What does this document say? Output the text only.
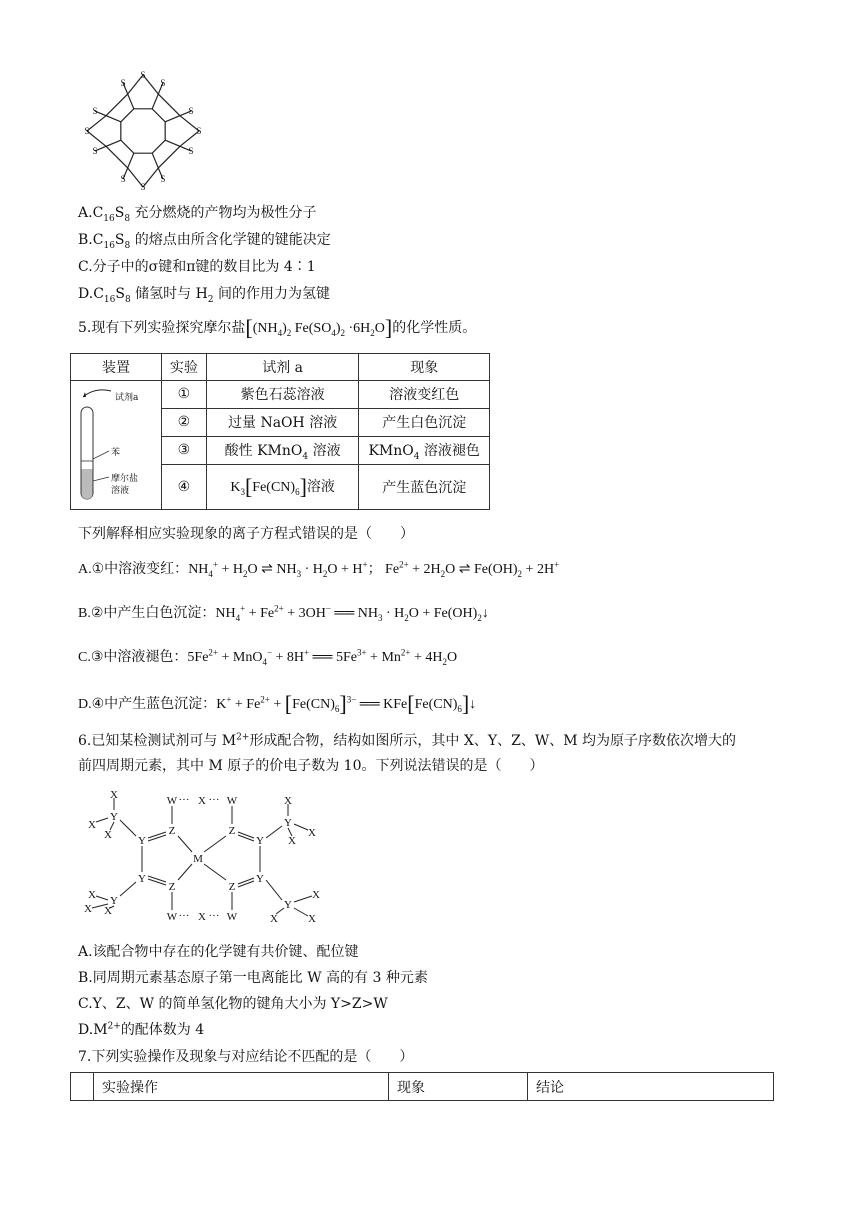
S
S
S
S
S
S
S
S
S	S
S
S
$A.C_{16}S_8$ 充分燃烧的产物均为极性分子
$B.C_{16}S_8$ 的熔点由所含化学键的键能决定
C.分子中的σ键和π键的数目比为 4∶1
$D.C_{16}S_8$ 储氢时与 $H_2$ 间的作用力为氢键
5.现有下列实验探究摩尔盐[$(NH_4)_2$ $Fe(SO_4)_2 \cdot 6H_2O$]的化学性质。
装置	实验	试剂 a	现象

试剂a
苯
摩尔盐
溶液	①	紫色石蕊溶液	溶液变红色
	②	过量 NaOH 溶液	产生白色沉淀
	③	酸性 KMnO$_4$ 溶液	KMnO$_4$ 溶液褪色
	④	$K_3[Fe(CN)_6]$溶液	产生蓝色沉淀
下列解释相应实验现象的离子方程式错误的是（　　）
A.①中溶液变红：$NH_4^+ + H_2O$ ⇌ $NH_3 \cdot H_2O + H^+$； $Fe^{2+} + 2H_2O$ ⇌ $Fe(OH)_2 + 2H^+$
B.②中产生白色沉淀：$NH_4^+ + Fe^{2+} + 3OH^-$ ══ $NH_3 \cdot H_2O$ + $Fe(OH)_2↓$
C.③中溶液褪色：$5Fe^{2+} + MnO_4^- + 8H^+$ ══ $5Fe^{3+} + Mn^{2+} + 4H_2O$
D.④中产生蓝色沉淀：$K^+ + Fe^{2+} + [Fe(CN)_6]^{3-}$ ══ $KFe[Fe(CN)_6]↓$
6.已知某检测试剂可与 $M^{2+}$形成配合物，结构如图所示，其中 X、Y、Z、W、M 均为原子序数依次增大的
前四周期元素，其中 M 原子的价电子数为 10。下列说法错误的是（　　）
M
Z	Z
Z	Z
Y
Y
Y
Y
W	W
W	W
X
X
Y
Y
Y
Y
X
X
X
X
X
X
X
X
X
X
X	X
··· ···
··· ···
A.该配合物中存在的化学键有共价键、配位键
B.同周期元素基态原子第一电离能比 W 高的有 3 种元素
C.Y、Z、W 的简单氢化物的键角大小为 Y>Z>W
$D.M^{2+}$的配体数为 4
7.下列实验操作及现象与对应结论不匹配的是（　　）
	实验操作	现象	结论
